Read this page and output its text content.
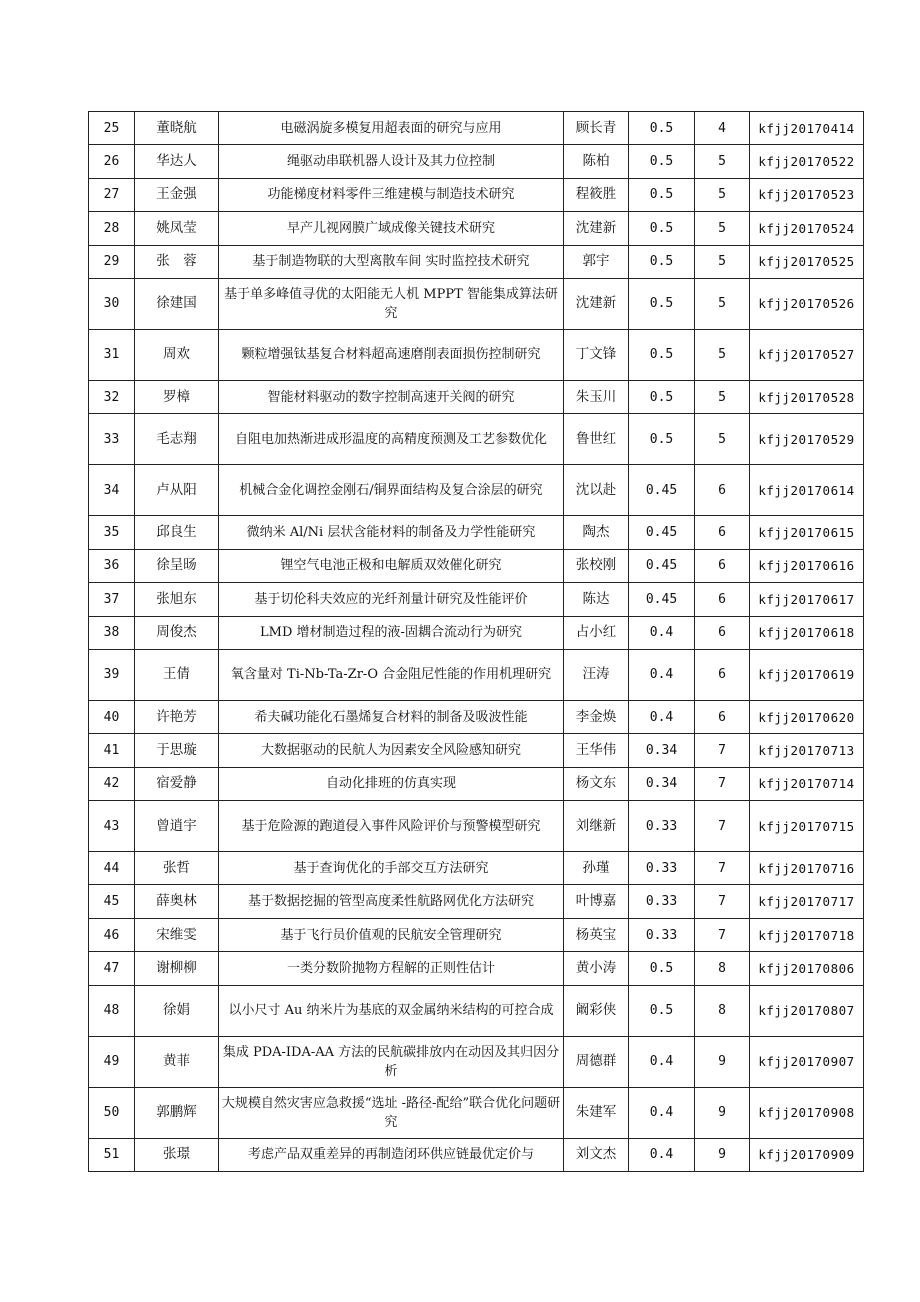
25	董晓航	电磁涡旋多模复用超表面的研究与应用	顾长青	0.5	4	kfjj20170414
26	华达人	绳驱动串联机器人设计及其力位控制	陈柏	0.5	5	kfjj20170522
27	王金强	功能梯度材料零件三维建模与制造技术研究	程筱胜	0.5	5	kfjj20170523
28	姚凤莹	早产儿视网膜广域成像关键技术研究	沈建新	0.5	5	kfjj20170524
29	张　蓉	基于制造物联的大型离散车间 实时监控技术研究	郭宇	0.5	5	kfjj20170525
30	徐建国	基于单多峰值寻优的太阳能无人机 MPPT 智能集成算法研究	沈建新	0.5	5	kfjj20170526
31	周欢	颗粒增强钛基复合材料超高速磨削表面损伤控制研究	丁文锋	0.5	5	kfjj20170527
32	罗樟	智能材料驱动的数字控制高速开关阀的研究	朱玉川	0.5	5	kfjj20170528
33	毛志翔	自阻电加热渐进成形温度的高精度预测及工艺参数优化	鲁世红	0.5	5	kfjj20170529
34	卢从阳	机械合金化调控金刚石/铜界面结构及复合涂层的研究	沈以赴	0.45	6	kfjj20170614
35	邱良生	微纳米 Al/Ni 层状含能材料的制备及力学性能研究	陶杰	0.45	6	kfjj20170615
36	徐呈旸	锂空气电池正极和电解质双效催化研究	张校刚	0.45	6	kfjj20170616
37	张旭东	基于切伦科夫效应的光纤剂量计研究及性能评价	陈达	0.45	6	kfjj20170617
38	周俊杰	LMD 增材制造过程的液-固耦合流动行为研究	占小红	0.4	6	kfjj20170618
39	王倩	氧含量对 Ti-Nb-Ta-Zr-O 合金阻尼性能的作用机理研究	汪涛	0.4	6	kfjj20170619
40	许艳芳	希夫碱功能化石墨烯复合材料的制备及吸波性能	李金焕	0.4	6	kfjj20170620
41	于思璇	大数据驱动的民航人为因素安全风险感知研究	王华伟	0.34	7	kfjj20170713
42	宿爱静	自动化排班的仿真实现	杨文东	0.34	7	kfjj20170714
43	曾逍宇	基于危险源的跑道侵入事件风险评价与预警模型研究	刘继新	0.33	7	kfjj20170715
44	张哲	基于查询优化的手部交互方法研究	孙瑾	0.33	7	kfjj20170716
45	薛奥林	基于数据挖掘的管型高度柔性航路网优化方法研究	叶博嘉	0.33	7	kfjj20170717
46	宋维雯	基于飞行员价值观的民航安全管理研究	杨英宝	0.33	7	kfjj20170718
47	谢柳柳	一类分数阶抛物方程解的正则性估计	黄小涛	0.5	8	kfjj20170806
48	徐娟	以小尺寸 Au 纳米片为基底的双金属纳米结构的可控合成	阚彩侠	0.5	8	kfjj20170807
49	黄菲	集成 PDA-IDA-AA 方法的民航碳排放内在动因及其归因分析	周德群	0.4	9	kfjj20170907
50	郭鹏辉	大规模自然灾害应急救援“选址 -路径-配给”联合优化问题研究	朱建军	0.4	9	kfjj20170908
51	张璟	考虑产品双重差异的再制造闭环供应链最优定价与	刘文杰	0.4	9	kfjj20170909
